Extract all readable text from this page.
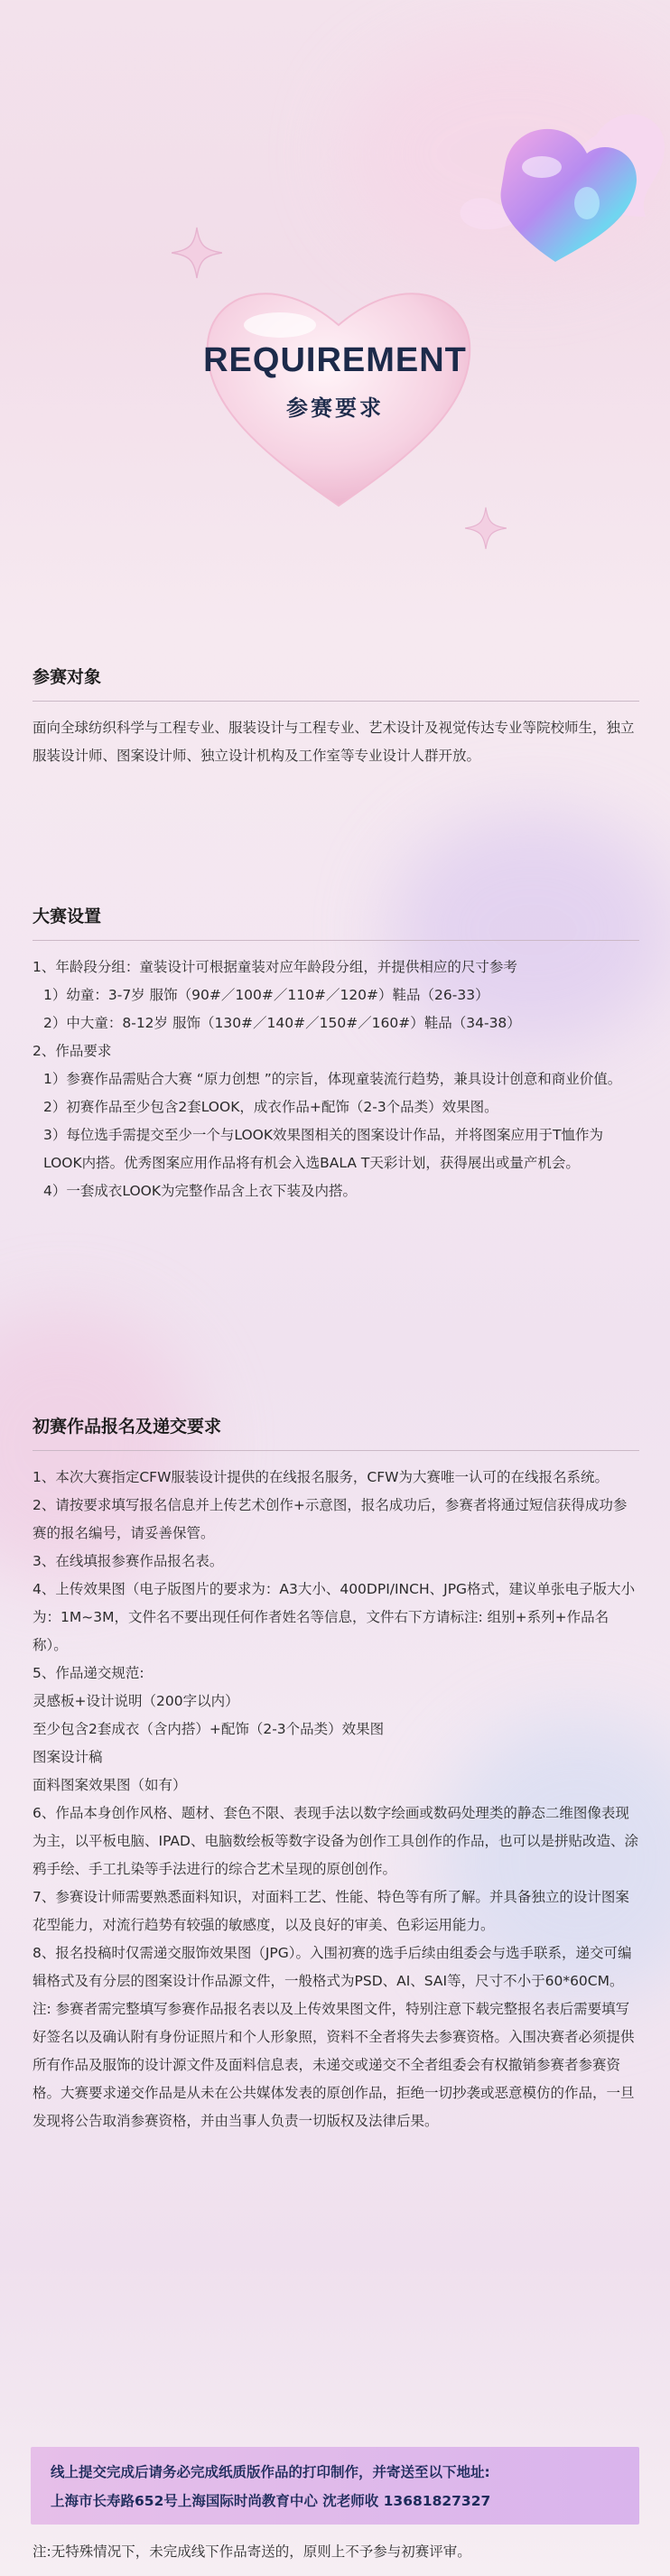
REQUIREMENT
参赛要求
参赛对象

面向全球纺织科学与工程专业、服装设计与工程专业、艺术设计及视觉传达专业等院校师生，独立服装设计师、图案设计师、独立设计机构及工作室等专业设计人群开放。

大赛设置

1、年龄段分组：童装设计可根据童装对应年龄段分组，并提供相应的尺寸参考

1）幼童：3-7岁 服饰（90#／100#／110#／120#）鞋品（26-33）

2）中大童：8-12岁 服饰（130#／140#／150#／160#）鞋品（34-38）

2、作品要求

1）参赛作品需贴合大赛 “原力创想 ”的宗旨，体现童装流行趋势，兼具设计创意和商业价值。

2）初赛作品至少包含2套LOOK，成衣作品+配饰（2-3个品类）效果图。

3）每位选手需提交至少一个与LOOK效果图相关的图案设计作品，并将图案应用于T恤作为LOOK内搭。优秀图案应用作品将有机会入选BALA T天彩计划，获得展出或量产机会。

4）一套成衣LOOK为完整作品含上衣下装及内搭。

初赛作品报名及递交要求

1、本次大赛指定CFW服装设计提供的在线报名服务，CFW为大赛唯一认可的在线报名系统。

2、请按要求填写报名信息并上传艺术创作+示意图，报名成功后，参赛者将通过短信获得成功参赛的报名编号，请妥善保管。

3、在线填报参赛作品报名表。

4、上传效果图（电子版图片的要求为：A3大小、400DPI/INCH、JPG格式，建议单张电子版大小为：1M~3M，文件名不要出现任何作者姓名等信息，文件右下方请标注: 组别+系列+作品名称）。

5、作品递交规范:

灵感板+设计说明（200字以内）

至少包含2套成衣（含内搭）+配饰（2-3个品类）效果图

图案设计稿

面料图案效果图（如有）

6、作品本身创作风格、题材、套色不限、表现手法以数字绘画或数码处理类的静态二维图像表现为主，以平板电脑、IPAD、电脑数绘板等数字设备为创作工具创作的作品，也可以是拼贴改造、涂鸦手绘、手工扎染等手法进行的综合艺术呈现的原创创作。

7、参赛设计师需要熟悉面料知识，对面料工艺、性能、特色等有所了解。并具备独立的设计图案花型能力，对流行趋势有较强的敏感度，以及良好的审美、色彩运用能力。

8、报名投稿时仅需递交服饰效果图（JPG）。入围初赛的选手后续由组委会与选手联系，递交可编辑格式及有分层的图案设计作品源文件，一般格式为PSD、AI、SAI等，尺寸不小于60*60CM。

注: 参赛者需完整填写参赛作品报名表以及上传效果图文件，特别注意下载完整报名表后需要填写好签名以及确认附有身份证照片和个人形象照，资料不全者将失去参赛资格。入围决赛者必须提供所有作品及服饰的设计源文件及面料信息表，未递交或递交不全者组委会有权撤销参赛者参赛资格。大赛要求递交作品是从未在公共媒体发表的原创作品，拒绝一切抄袭或恶意模仿的作品，一旦发现将公告取消参赛资格，并由当事人负责一切版权及法律后果。

线上提交完成后请务必完成纸质版作品的打印制作，并寄送至以下地址:
上海市长寿路652号上海国际时尚教育中心 沈老师收 13681827327
注:无特殊情况下，未完成线下作品寄送的，原则上不予参与初赛评审。
